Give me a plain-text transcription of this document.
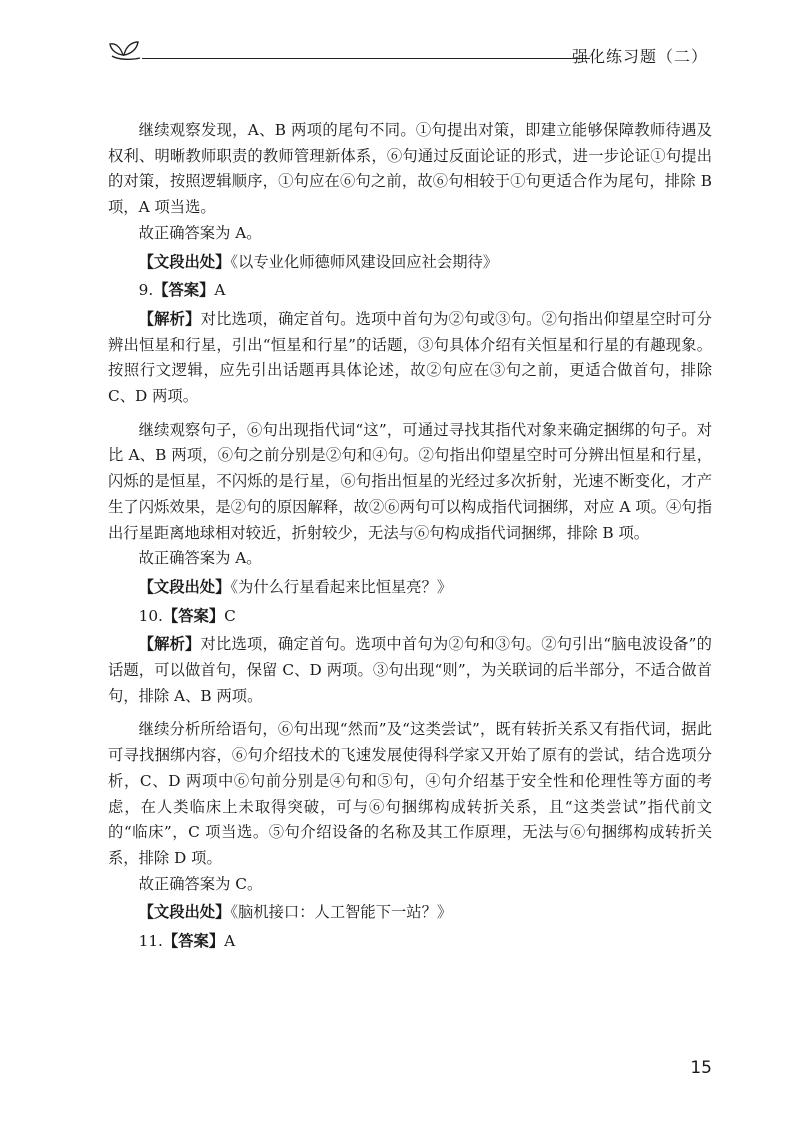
强化练习题（二）

继续观察发现，A、B 两项的尾句不同。①句提出对策，即建立能够保障教师待遇及权利、明晰教师职责的教师管理新体系，⑥句通过反面论证的形式，进一步论证①句提出的对策，按照逻辑顺序，①句应在⑥句之前，故⑥句相较于①句更适合作为尾句，排除 B 项，A 项当选。

故正确答案为 A。

【文段出处】《以专业化师德师风建设回应社会期待》

9.【答案】A

【解析】对比选项，确定首句。选项中首句为②句或③句。②句指出仰望星空时可分辨出恒星和行星，引出“恒星和行星”的话题，③句具体介绍有关恒星和行星的有趣现象。按照行文逻辑，应先引出话题再具体论述，故②句应在③句之前，更适合做首句，排除 C、D 两项。

继续观察句子，⑥句出现指代词“这”，可通过寻找其指代对象来确定捆绑的句子。对比 A、B 两项，⑥句之前分别是②句和④句。②句指出仰望星空时可分辨出恒星和行星，闪烁的是恒星，不闪烁的是行星，⑥句指出恒星的光经过多次折射，光速不断变化，才产生了闪烁效果，是②句的原因解释，故②⑥两句可以构成指代词捆绑，对应 A 项。④句指出行星距离地球相对较近，折射较少，无法与⑥句构成指代词捆绑，排除 B 项。

故正确答案为 A。

【文段出处】《为什么行星看起来比恒星亮？》

10.【答案】C

【解析】对比选项，确定首句。选项中首句为②句和③句。②句引出“脑电波设备”的话题，可以做首句，保留 C、D 两项。③句出现“则”，为关联词的后半部分，不适合做首句，排除 A、B 两项。

继续分析所给语句，⑥句出现“然而”及“这类尝试”，既有转折关系又有指代词，据此可寻找捆绑内容，⑥句介绍技术的飞速发展使得科学家又开始了原有的尝试，结合选项分析，C、D 两项中⑥句前分别是④句和⑤句，④句介绍基于安全性和伦理性等方面的考虑，在人类临床上未取得突破，可与⑥句捆绑构成转折关系，且“这类尝试”指代前文的“临床”，C 项当选。⑤句介绍设备的名称及其工作原理，无法与⑥句捆绑构成转折关系，排除 D 项。

故正确答案为 C。

【文段出处】《脑机接口：人工智能下一站？》

11.【答案】A

15
